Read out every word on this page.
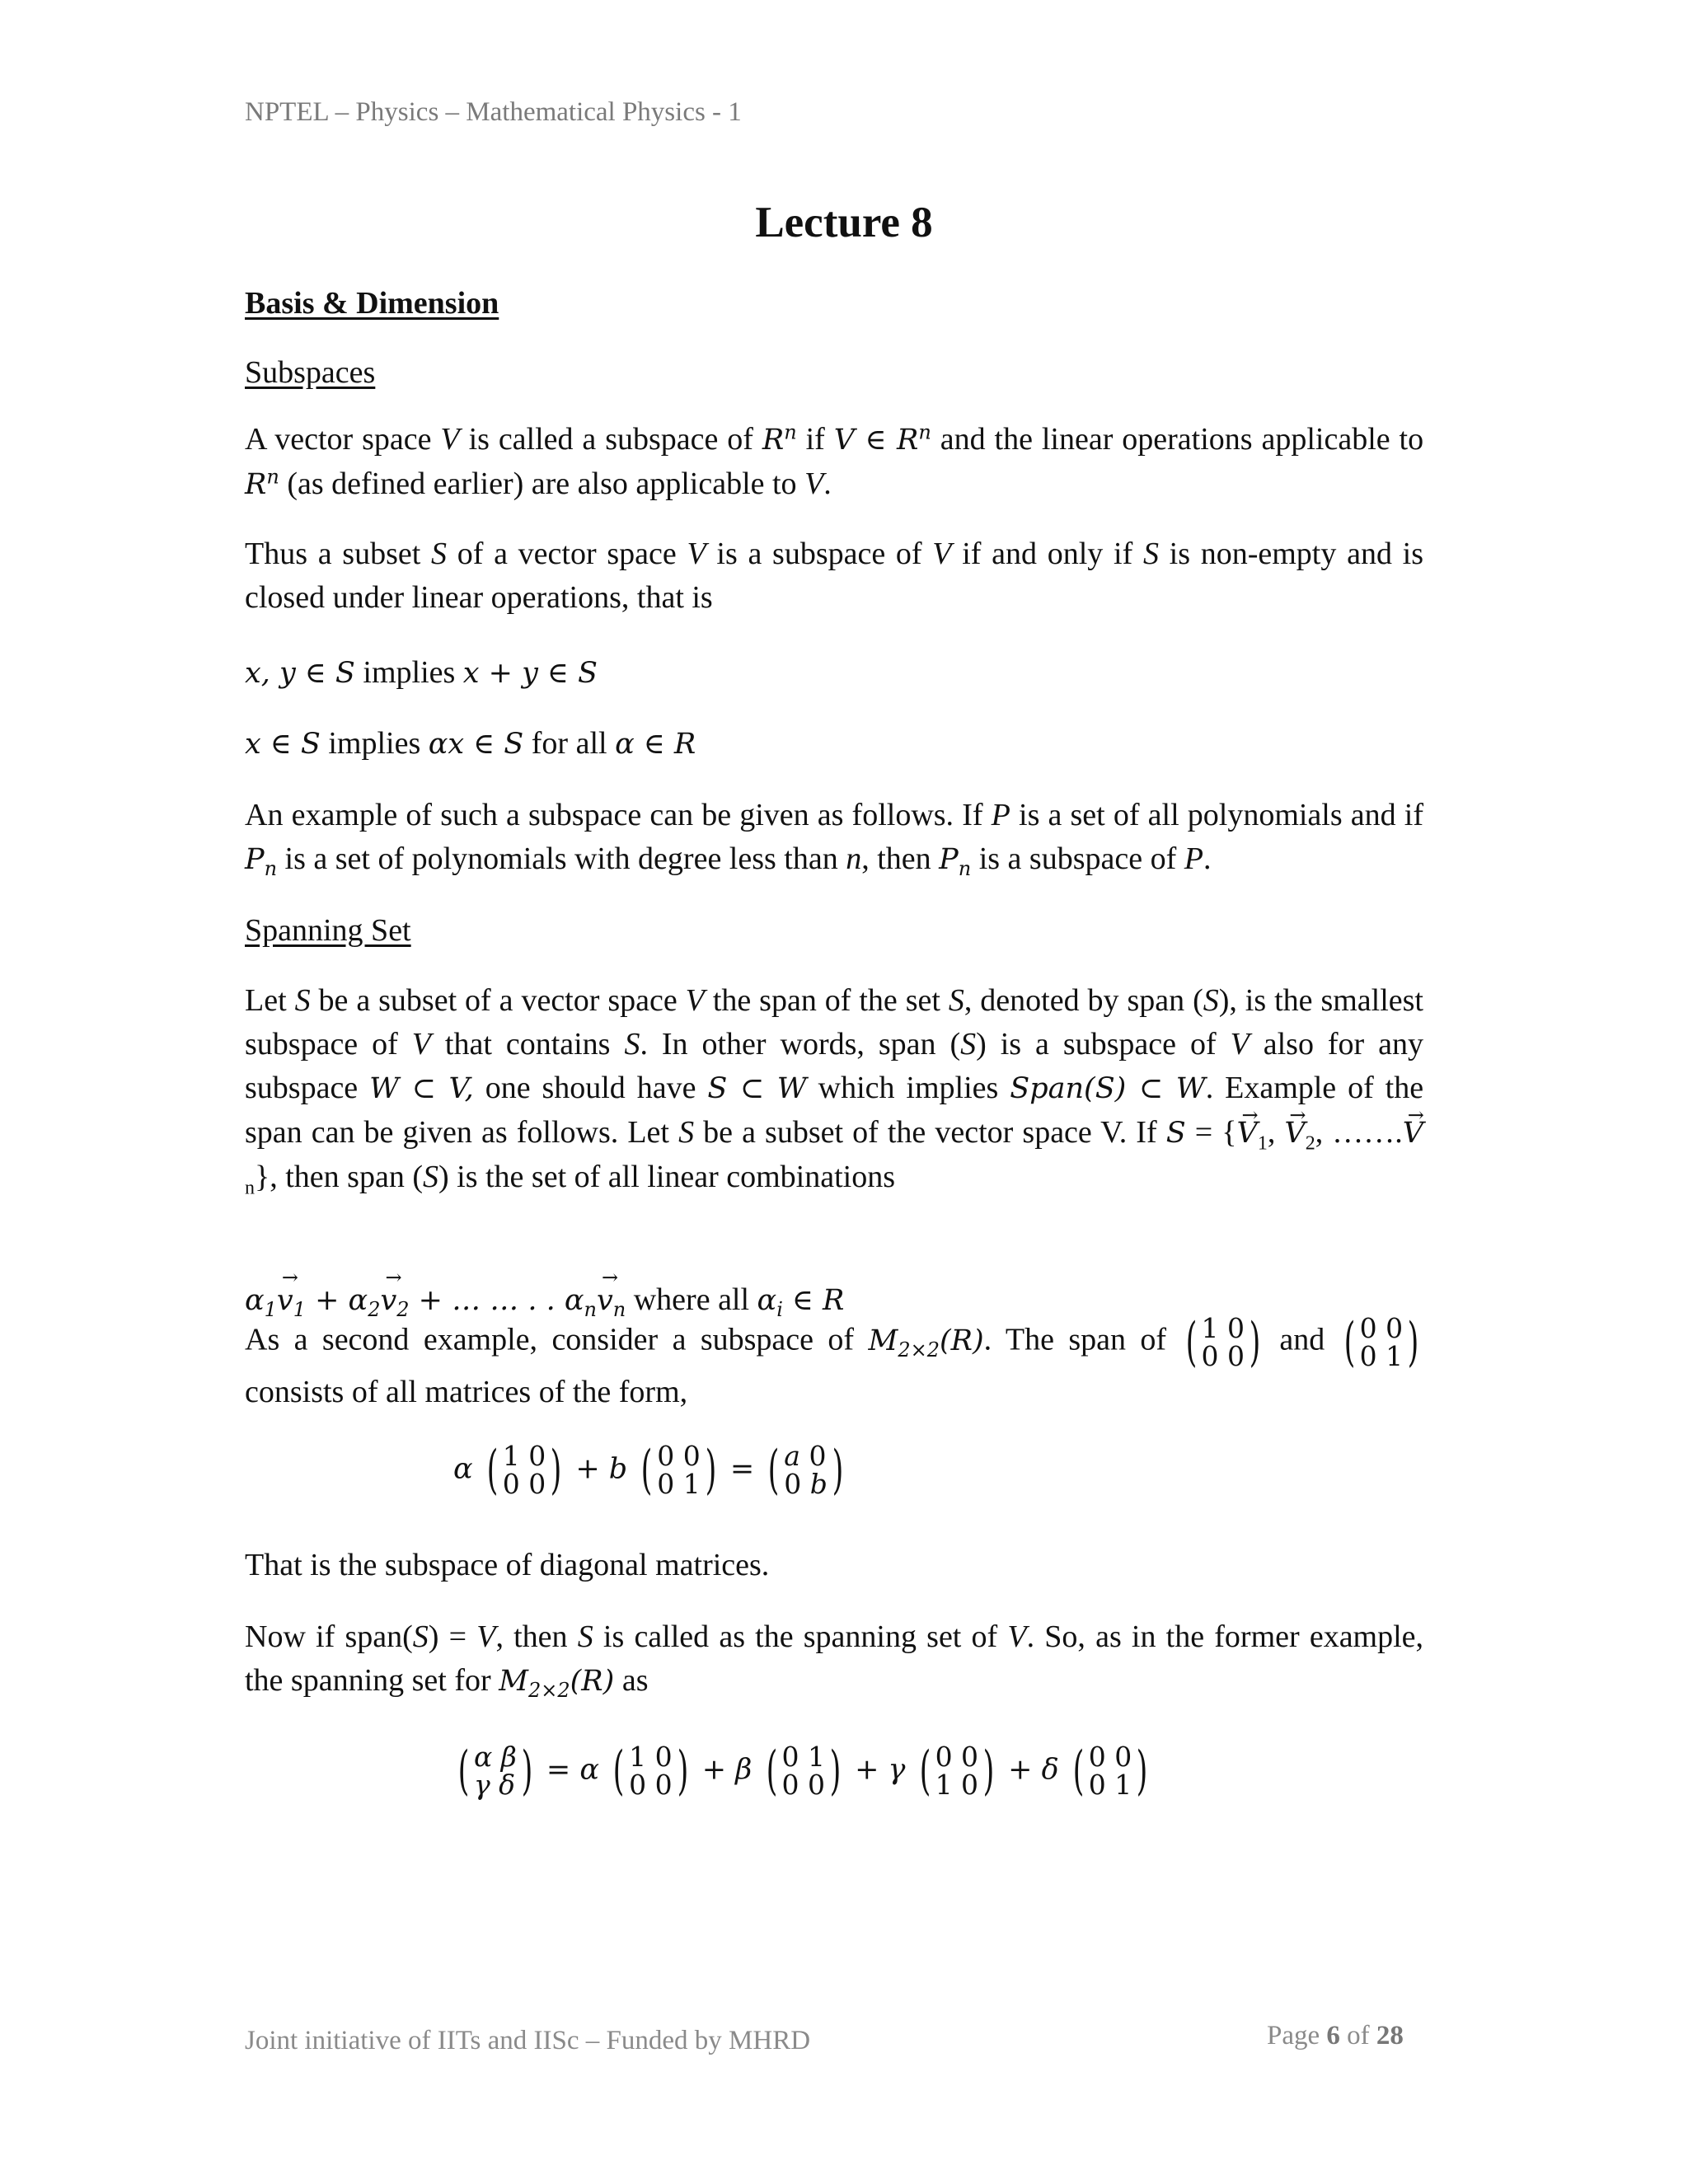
NPTEL – Physics – Mathematical Physics - 1
Lecture 8
Basis & Dimension
Subspaces

A vector space V is called a subspace of $R^n$ if V ∈ $R^n$ and the linear operations applicable to $R^n$ (as defined earlier) are also applicable to V.

Thus a subset S of a vector space V is a subspace of V if and only if S is non-empty and is closed under linear operations, that is

x, y ∈ S implies x + y ∈ S
x ∈ S implies αx ∈ S for all α ∈ R

An example of such a subspace can be given as follows. If P is a set of all polynomials and if $P_n$ is a set of polynomials with degree less than n, then $P_n$ is a subspace of P.

Spanning Set

Let S be a subset of a vector space V the span of the set S, denoted by span (S), is the smallest subspace of V that contains S. In other words, span (S) is a subspace of V also for any subspace W ⊂ V, one should have S ⊂ W which implies Span(S) ⊂ W. Example of the span can be given as follows. Let S be a subset of the vector space V. If S = {→ $V_1$, → $V_2$, …….→ $V_n$}, then span (S) is the set of all linear combinations

$\alpha_1\to v_1 + \alpha_2\to v_2$ + … … . . $\alpha_n\to v_n$ where all $\alpha_i$ ∈ R

As a second example, consider a subspace of $M_{2\times 2}(R)$. The span of ( 1 0
0 0 ) and ( 0 0
0 1 )
consists of all matrices of the form,

α ( 1 0
0 0 ) + b ( 0 0
0 1 ) = ( a 0
0 b )
That is the subspace of diagonal matrices.

Now if span(S) = V, then S is called as the spanning set of V. So, as in the former example, the spanning set for $M_{2\times 2}(R)$ as

( α β
γ δ ) = α ( 1 0
0 0 ) + β ( 0 1
0 0 ) + γ ( 0 0
1 0 ) + δ ( 0 0
0 1 )
Joint initiative of IITs and IISc – Funded by MHRD	Page 6 of 28
